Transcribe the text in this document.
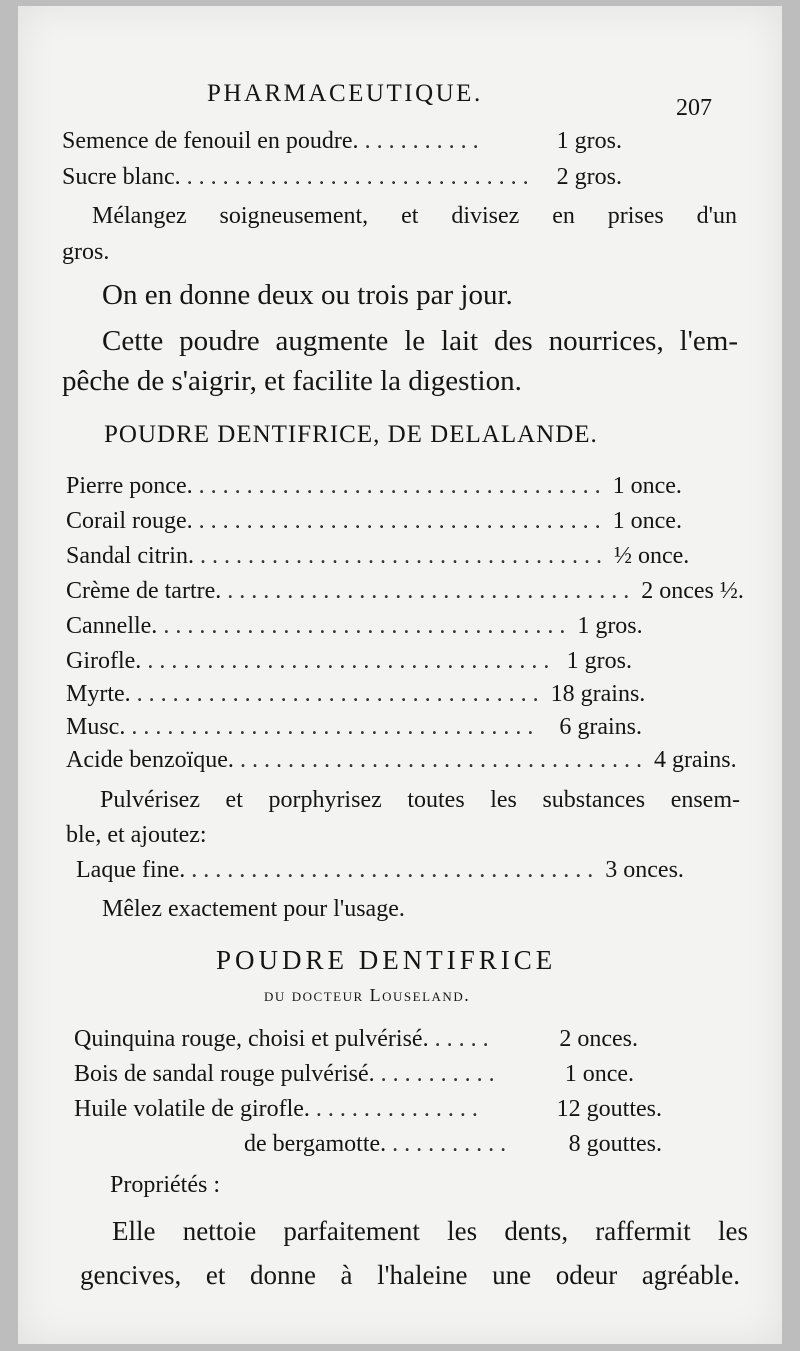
PHARMACEUTIQUE.
207
Semence de fenouil en poudre. ..........	1 gros.
Sucre blanc. ............................. 2 gros.
Mélangez soigneusement, et divisez en prises d'un
gros.
On en donne deux ou trois par jour.
Cette poudre augmente le lait des nourrices, l'em-
pêche de s'aigrir, et facilite la digestion.
POUDRE DENTIFRICE, DE DELALANDE.
Pierre ponce. .................................. 1 once.
Corail rouge. .................................. 1 once.
Sandal citrin. .................................. ½ once.
Crème de tartre. .................................. 2 onces ½.
Cannelle. .................................. 1 gros.
Girofle. .................................. 1 gros.
Myrte. .................................. 18 grains.
Musc. .................................. 6 grains.
Acide benzoïque. .................................. 4 grains.
Pulvérisez et porphyrisez toutes les substances ensem-
ble, et ajoutez:
Laque fine. .................................. 3 onces.
Mêlez exactement pour l'usage.
POUDRE DENTIFRICE
du docteur Louseland.
Quinquina rouge, choisi et pulvérisé. .....	2 onces.
Bois de sandal rouge pulvérisé. ..........	1 once.
Huile volatile de girofle. ..............	12 gouttes.
de bergamotte. ..........	8 gouttes.
Propriétés :
Elle nettoie parfaitement les dents, raffermit les
gencives, et donne à l'haleine une odeur agréable.
